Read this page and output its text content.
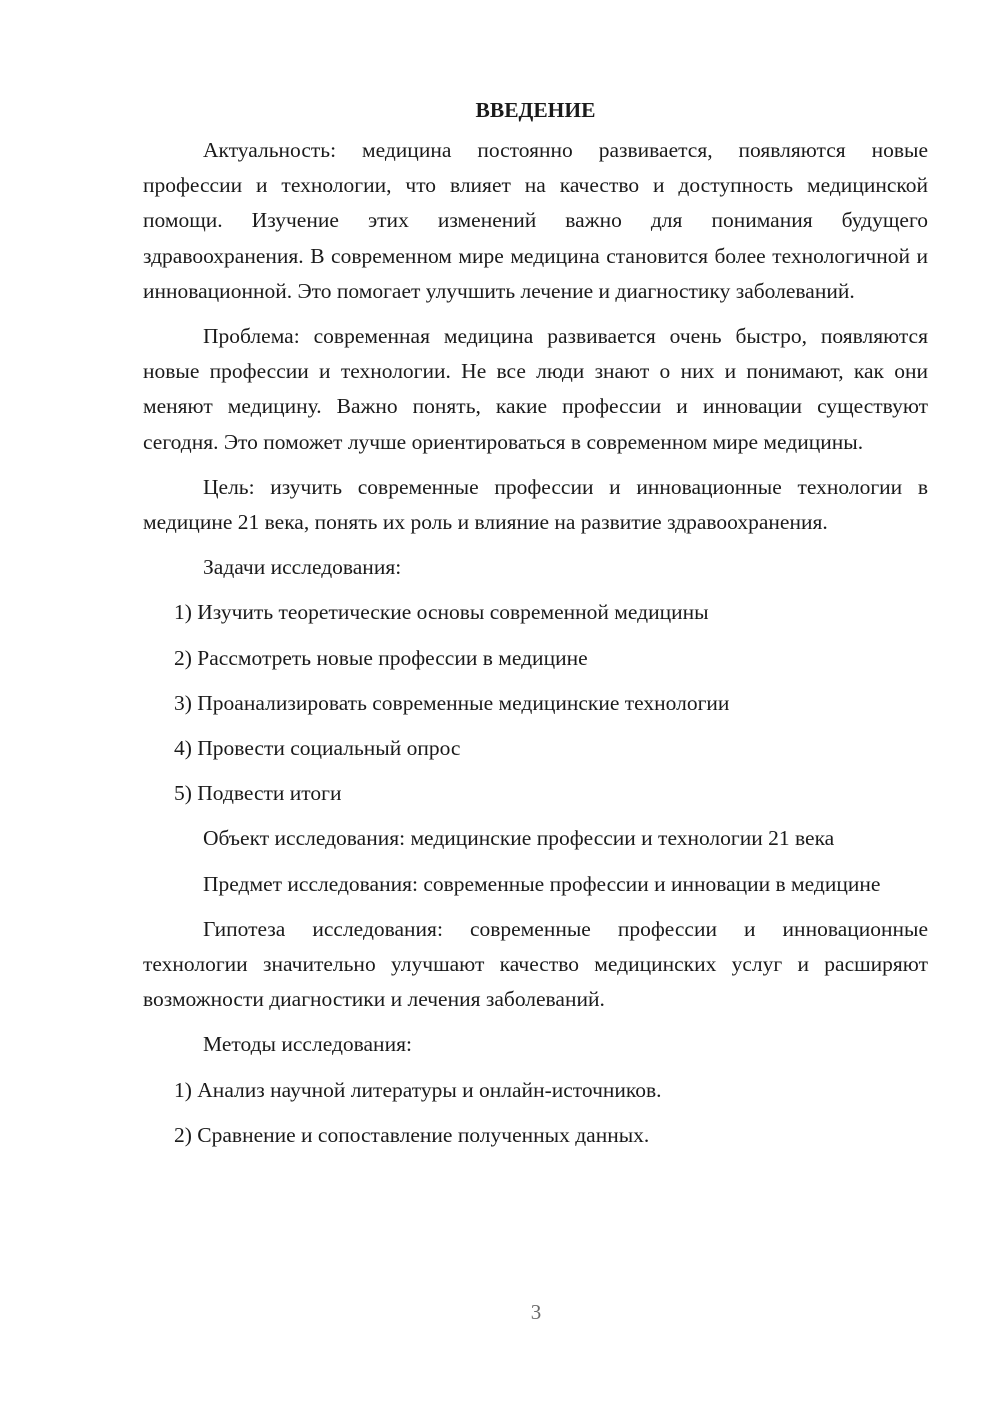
ВВЕДЕНИЕ

Актуальность: медицина постоянно развивается, появляются новые профессии и технологии, что влияет на качество и доступность медицинской помощи. Изучение этих изменений важно для понимания будущего здравоохранения. В современном мире медицина становится более технологичной и инновационной. Это помогает улучшить лечение и диагностику заболеваний.

Проблема: современная медицина развивается очень быстро, появляются новые профессии и технологии. Не все люди знают о них и понимают, как они меняют медицину. Важно понять, какие профессии и инновации существуют сегодня. Это поможет лучше ориентироваться в современном мире медицины.

Цель: изучить современные профессии и инновационные технологии в медицине 21 века, понять их роль и влияние на развитие здравоохранения.

Задачи исследования:
1) Изучить теоретические основы современной медицины
2) Рассмотреть новые профессии в медицине
3) Проанализировать современные медицинские технологии
4) Провести социальный опрос
5) Подвести итоги
Объект исследования: медицинские профессии и технологии 21 века

Предмет исследования: современные профессии и инновации в медицине

Гипотеза исследования: современные профессии и инновационные технологии значительно улучшают качество медицинских услуг и расширяют возможности диагностики и лечения заболеваний.

Методы исследования:
1) Анализ научной литературы и онлайн-источников.
2) Сравнение и сопоставление полученных данных.
3
